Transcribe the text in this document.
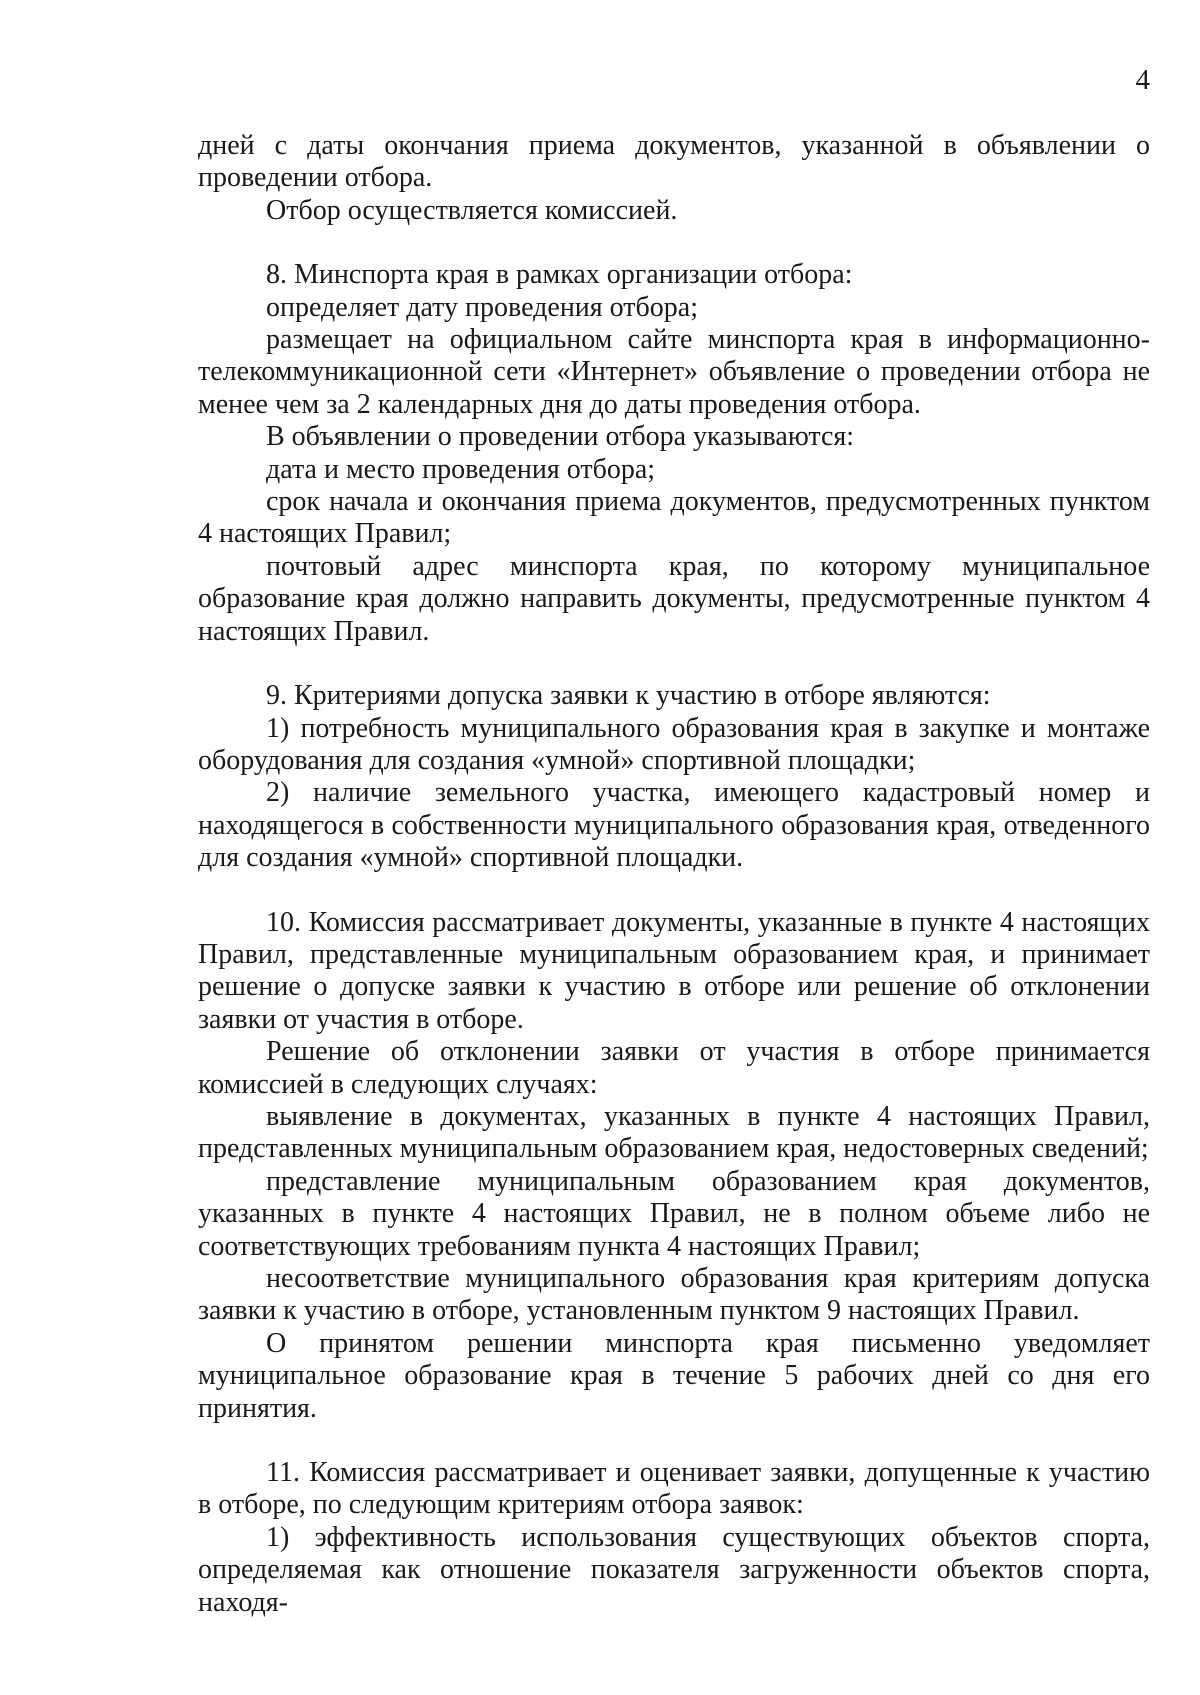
4

дней с даты окончания приема документов, указанной в объявлении о проведении отбора.

Отбор осуществляется комиссией.

8. Минспорта края в рамках организации отбора:

определяет дату проведения отбора;

размещает на официальном сайте минспорта края в информационно-телекоммуникационной сети «Интернет» объявление о проведении отбора не менее чем за 2 календарных дня до даты проведения отбора.

В объявлении о проведении отбора указываются:

дата и место проведения отбора;

срок начала и окончания приема документов, предусмотренных пунктом 4 настоящих Правил;

почтовый адрес минспорта края, по которому муниципальное образование края должно направить документы, предусмотренные пунктом 4 настоящих Правил.

9. Критериями допуска заявки к участию в отборе являются:

1) потребность муниципального образования края в закупке и монтаже оборудования для создания «умной» спортивной площадки;

2) наличие земельного участка, имеющего кадастровый номер и находящегося в собственности муниципального образования края, отведенного для создания «умной» спортивной площадки.

10. Комиссия рассматривает документы, указанные в пункте 4 настоящих Правил, представленные муниципальным образованием края, и принимает решение о допуске заявки к участию в отборе или решение об отклонении заявки от участия в отборе.

Решение об отклонении заявки от участия в отборе принимается комиссией в следующих случаях:

выявление в документах, указанных в пункте 4 настоящих Правил, представленных муниципальным образованием края, недостоверных сведений;

представление муниципальным образованием края документов, указанных в пункте 4 настоящих Правил, не в полном объеме либо не соответствующих требованиям пункта 4 настоящих Правил;

несоответствие муниципального образования края критериям допуска заявки к участию в отборе, установленным пунктом 9 настоящих Правил.

О принятом решении минспорта края письменно уведомляет муниципальное образование края в течение 5 рабочих дней со дня его принятия.

11. Комиссия рассматривает и оценивает заявки, допущенные к участию в отборе, по следующим критериям отбора заявок:

1) эффективность использования существующих объектов спорта, определяемая как отношение показателя загруженности объектов спорта, находя-
